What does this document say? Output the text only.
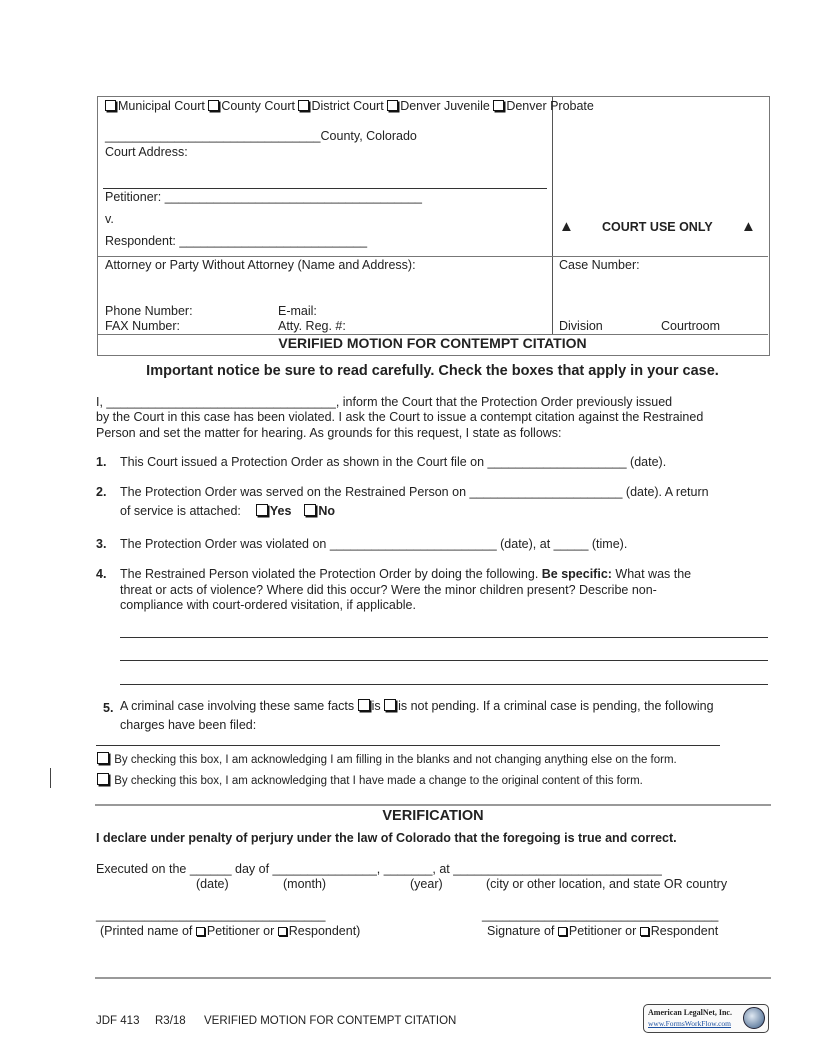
Municipal Court County Court District Court Denver Juvenile Denver Probate
_______________________________County, Colorado
Court Address:
Petitioner: _____________________________________
v.
Respondent: ___________________________
▲ COURT USE ONLY ▲
Attorney or Party Without Attorney (Name and Address):
Phone Number:	E-mail:
FAX Number:	Atty. Reg. #:
Case Number:
Division	Courtroom
VERIFIED MOTION FOR CONTEMPT CITATION
Important notice be sure to read carefully. Check the boxes that apply in your case.
I, _________________________________, inform the Court that the Protection Order previously issued
by the Court in this case has been violated. I ask the Court to issue a contempt citation against the Restrained
Person and set the matter for hearing. As grounds for this request, I state as follows:
1. This Court issued a Protection Order as shown in the Court file on ____________________ (date).
2. The Protection Order was served on the Restrained Person on ______________________ (date). A return
of service is attached:  Yes No
3. The Protection Order was violated on ________________________ (date), at _____ (time).
4. The Restrained Person violated the Protection Order by doing the following. Be specific: What was the
threat or acts of violence? Where did this occur? Were the minor children present? Describe non-
compliance with court-ordered visitation, if applicable.
5. A criminal case involving these same facts is is not pending. If a criminal case is pending, the following
charges have been filed:
By checking this box, I am acknowledging I am filling in the blanks and not changing anything else on the form.
By checking this box, I am acknowledging that I have made a change to the original content of this form.
VERIFICATION
I declare under penalty of perjury under the law of Colorado that the foregoing is true and correct.
Executed on the ______ day of _______________, _______, at ______________________________
(date)	(month)	(year)	(city or other location, and state OR country
_________________________________
(Printed name of Petitioner or Respondent)
__________________________________
Signature of Petitioner or Respondent
JDF 413 R3/18 VERIFIED MOTION FOR CONTEMPT CITATION
American LegalNet, Inc.
www.FormsWorkFlow.com
